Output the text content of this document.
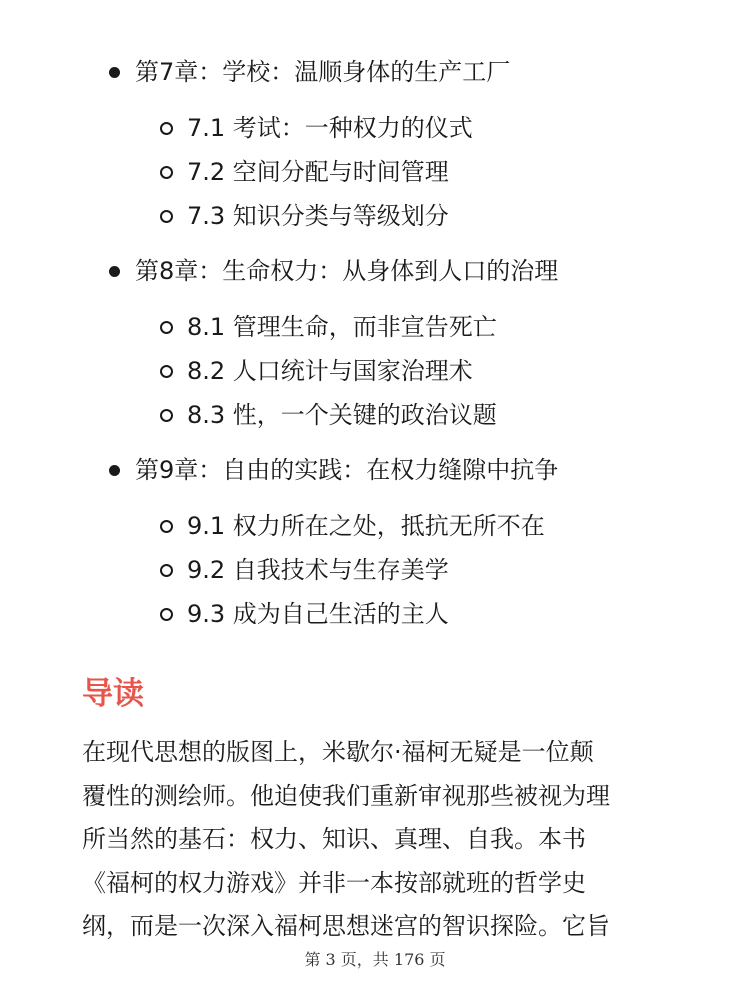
第7章：学校：温顺身体的生产工厂
7.1 考试：一种权力的仪式
7.2 空间分配与时间管理
7.3 知识分类与等级划分
第8章：生命权力：从身体到人口的治理
8.1 管理生命，而非宣告死亡
8.2 人口统计与国家治理术
8.3 性，一个关键的政治议题
第9章：自由的实践：在权力缝隙中抗争
9.1 权力所在之处，抵抗无所不在
9.2 自我技术与生存美学
9.3 成为自己生活的主人
导读

在现代思想的版图上，米歇尔·福柯无疑是一位颠
覆性的测绘师。他迫使我们重新审视那些被视为理
所当然的基石：权力、知识、真理、自我。本书
《福柯的权力游戏》并非一本按部就班的哲学史
纲，而是一次深入福柯思想迷宫的智识探险。它旨

第 3 页，共 176 页
